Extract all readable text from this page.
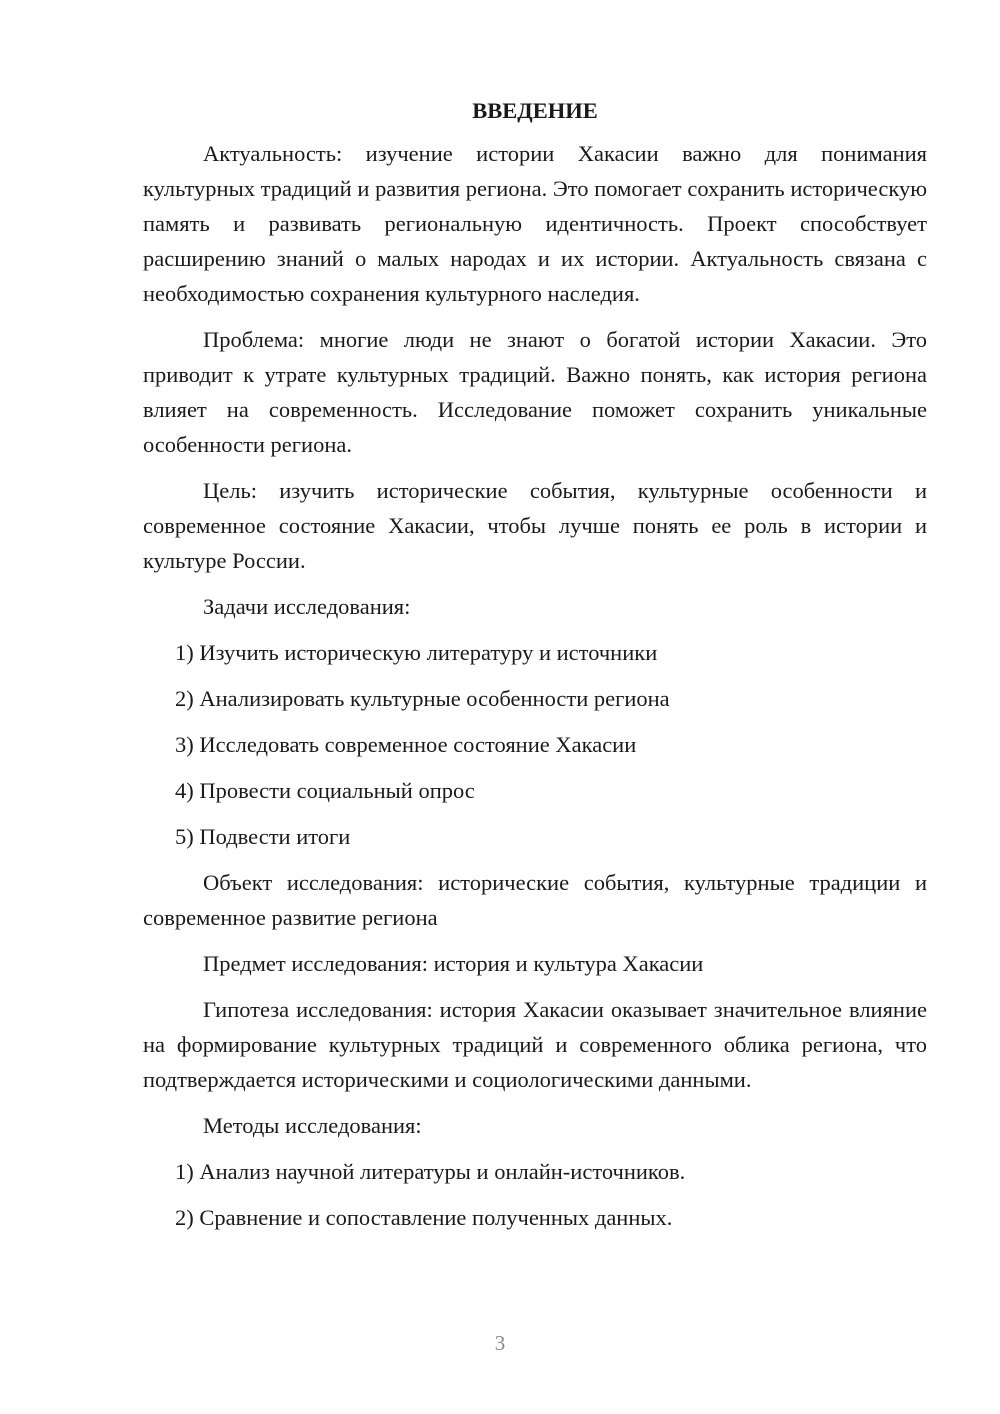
ВВЕДЕНИЕ

Актуальность: изучение истории Хакасии важно для понимания культурных традиций и развития региона. Это помогает сохранить историческую память и развивать региональную идентичность. Проект способствует расширению знаний о малых народах и их истории. Актуальность связана с необходимостью сохранения культурного наследия.

Проблема: многие люди не знают о богатой истории Хакасии. Это приводит к утрате культурных традиций. Важно понять, как история региона влияет на современность. Исследование поможет сохранить уникальные особенности региона.

Цель: изучить исторические события, культурные особенности и современное состояние Хакасии, чтобы лучше понять ее роль в истории и культуре России.

Задачи исследования:

1) Изучить историческую литературу и источники

2) Анализировать культурные особенности региона

3) Исследовать современное состояние Хакасии

4) Провести социальный опрос

5) Подвести итоги

Объект исследования: исторические события, культурные традиции и современное развитие региона

Предмет исследования: история и культура Хакасии

Гипотеза исследования: история Хакасии оказывает значительное влияние на формирование культурных традиций и современного облика региона, что подтверждается историческими и социологическими данными.

Методы исследования:

1) Анализ научной литературы и онлайн-источников.

2) Сравнение и сопоставление полученных данных.

3
